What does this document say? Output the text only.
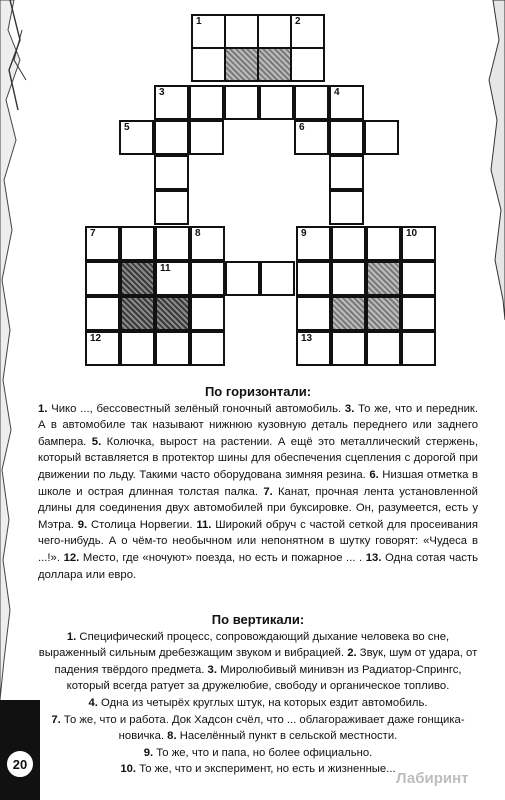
1	2
3	4
5	6
7	8	9	10
11
12	13
По горизонтали:

1. Чико ..., бессовестный зелёный гоночный автомобиль. 3. То же, что и передник. А в автомобиле так называют нижнюю кузовную деталь переднего или заднего бампера. 5. Колючка, вырост на растении. А ещё это металлический стержень, который вставляется в протектор шины для обеспечения сцепления с дорогой при движении по льду. Такими часто оборудована зимняя резина. 6. Низшая отметка в школе и острая длинная толстая палка. 7. Канат, прочная лента установленной длины для соединения двух автомобилей при буксировке. Он, разумеется, есть у Мэтра. 9. Столица Норвегии. 11. Широкий обруч с частой сеткой для просеивания чего-нибудь. А о чём-то необычном или непонятном в шутку говорят: «Чудеса в ...!». 12. Место, где «ночуют» поезда, но есть и пожарное ... . 13. Одна сотая часть доллара или евро.

По вертикали:

1. Специфический процесс, сопровождающий дыхание человека во сне, выраженный сильным дребезжащим звуком и вибрацией. 2. Звук, шум от удара, от падения твёрдого предмета. 3. Миролюбивый минивэн из Радиатор-Спрингс, который всегда ратует за дружелюбие, свободу и органическое топливо.
4. Одна из четырёх круглых штук, на которых ездит автомобиль.
7. То же, что и работа. Док Хадсон счёл, что ... облагораживает даже гонщика-новичка. 8. Населённый пункт в сельской местности.
9. То же, что и папа, но более официально.
10. То же, что и эксперимент, но есть и жизненные...

20
Лабиринт
